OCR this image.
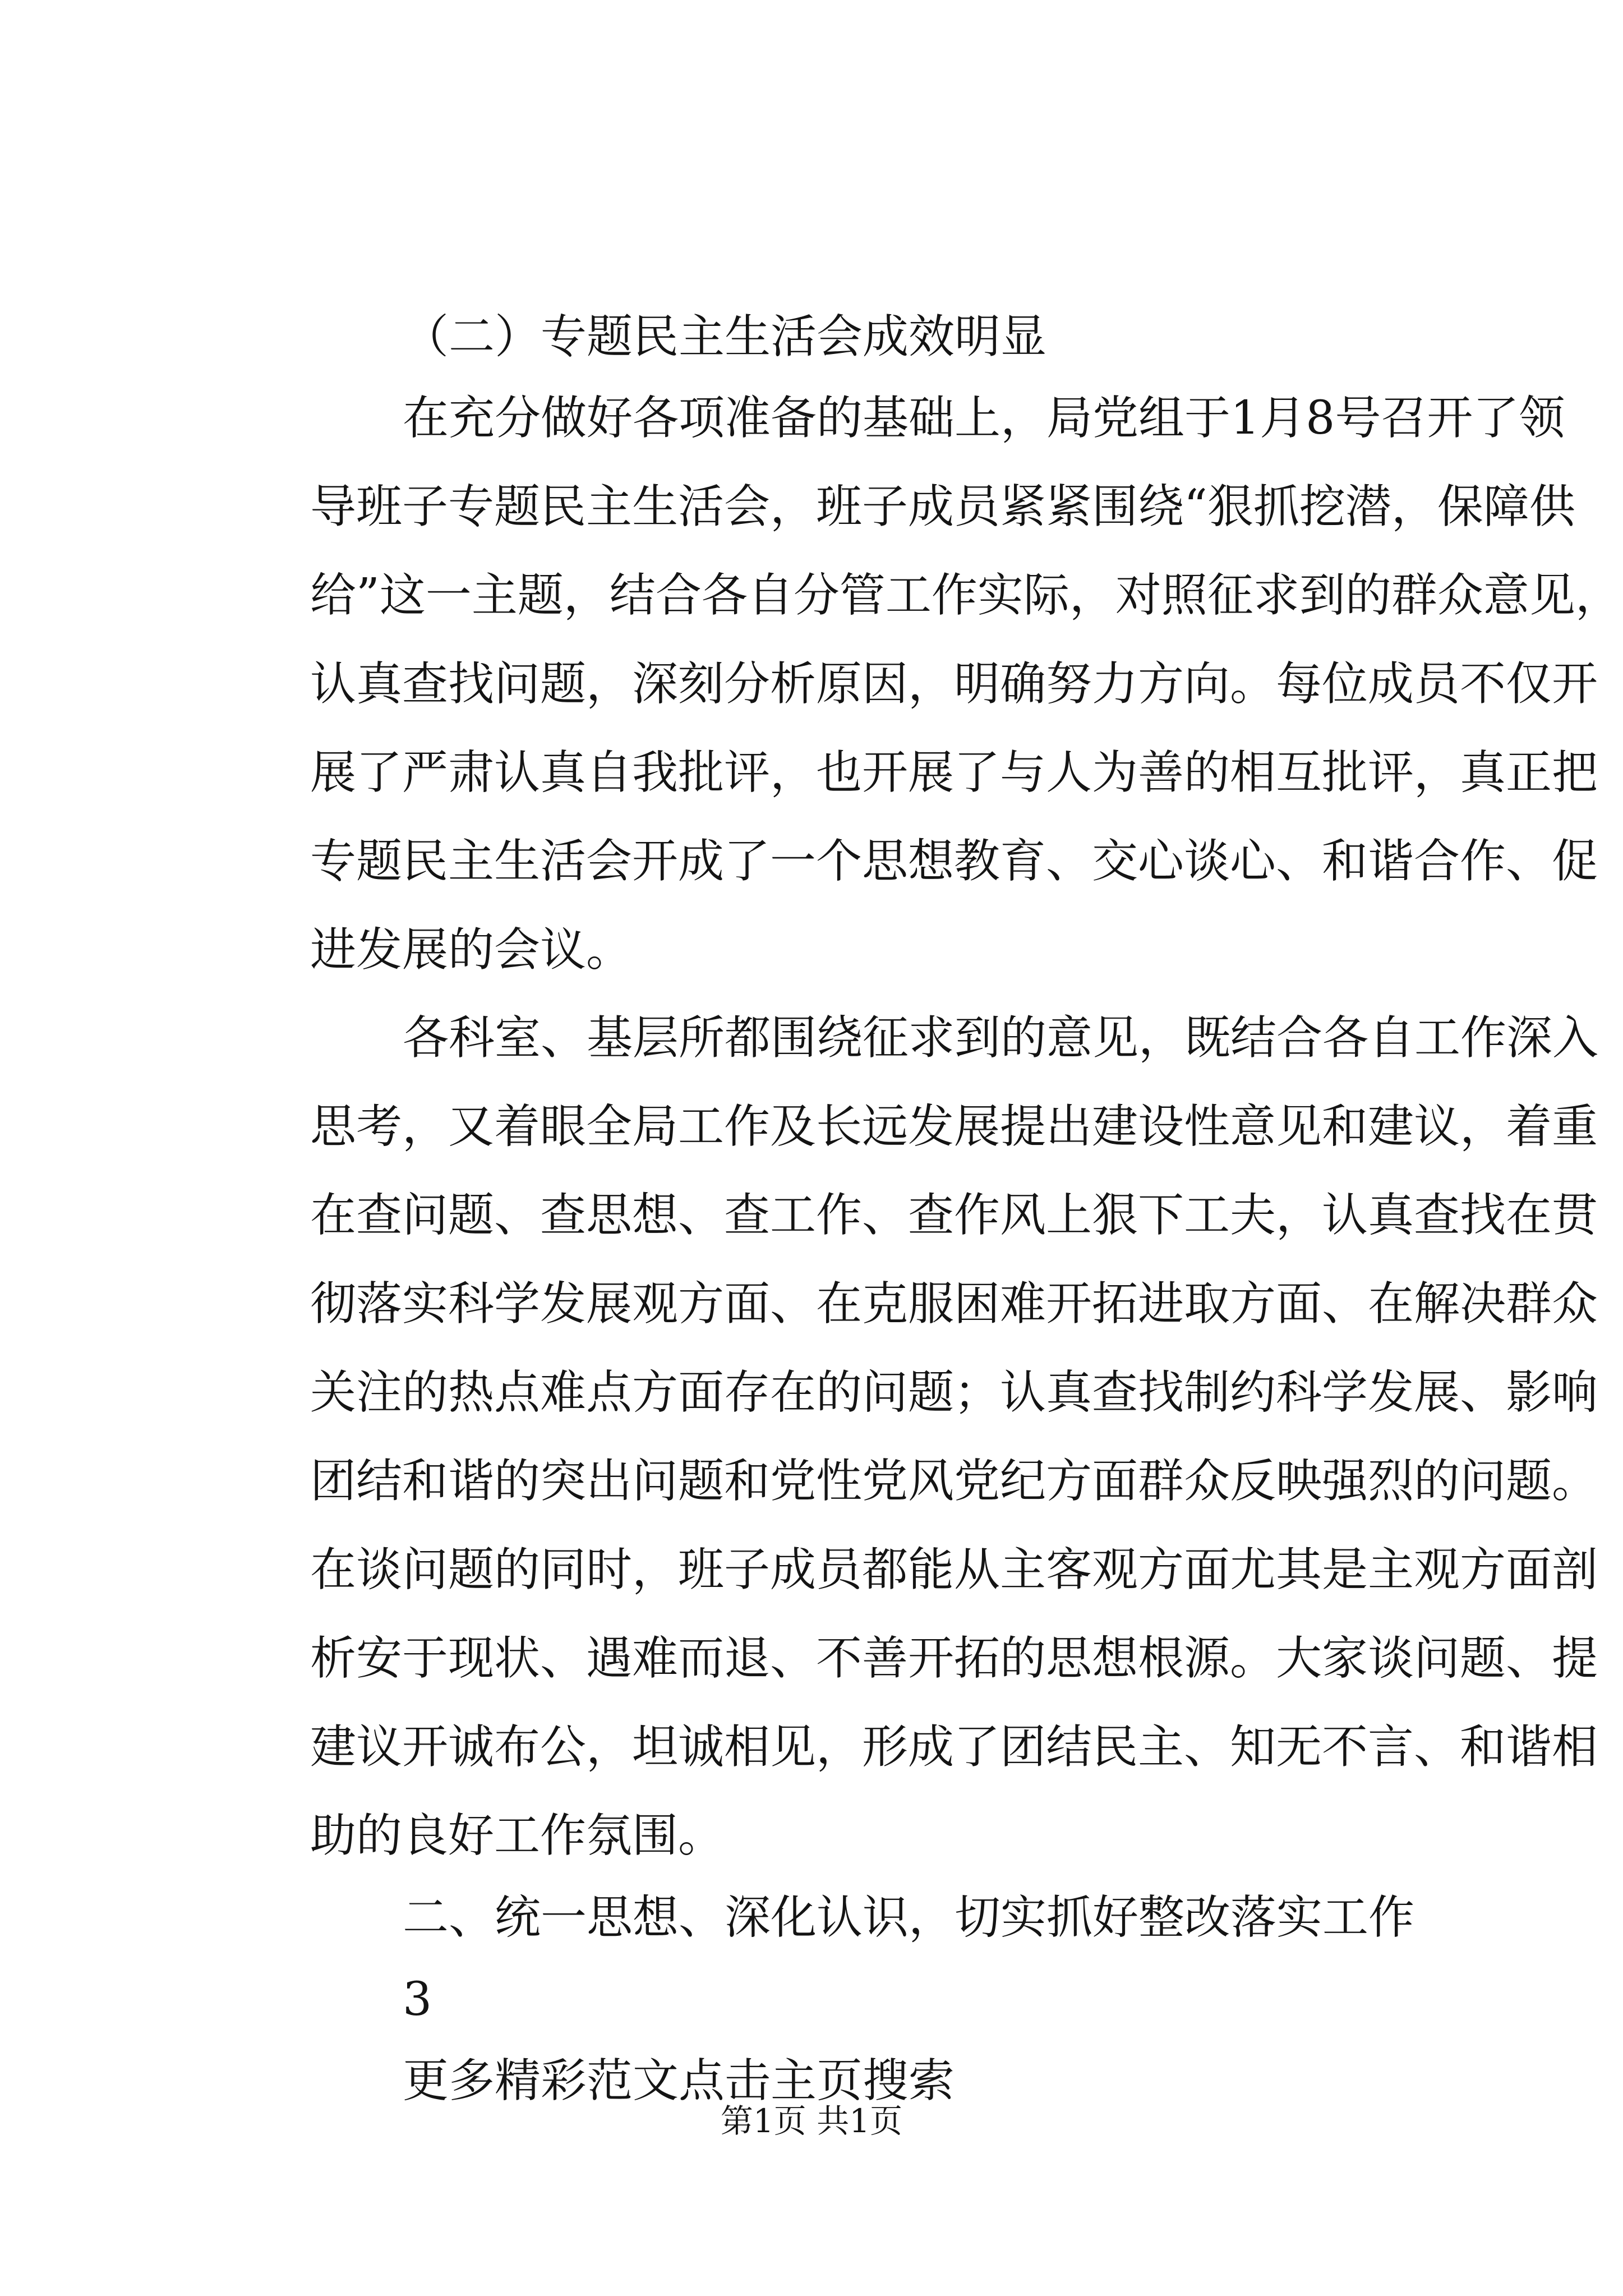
（二）专题民主生活会成效明显
在充分做好各项准备的基础上，局党组于1月8号召开了领
导班子专题民主生活会，班子成员紧紧围绕“狠抓挖潜，保障供
给”这一主题，结合各自分管工作实际，对照征求到的群众意见，
认真查找问题，深刻分析原因，明确努力方向。每位成员不仅开
展了严肃认真自我批评，也开展了与人为善的相互批评，真正把
专题民主生活会开成了一个思想教育、交心谈心、和谐合作、促
进发展的会议。
各科室、基层所都围绕征求到的意见，既结合各自工作深入
思考，又着眼全局工作及长远发展提出建设性意见和建议，着重
在查问题、查思想、查工作、查作风上狠下工夫，认真查找在贯
彻落实科学发展观方面、在克服困难开拓进取方面、在解决群众
关注的热点难点方面存在的问题；认真查找制约科学发展、影响
团结和谐的突出问题和党性党风党纪方面群众反映强烈的问题。
在谈问题的同时，班子成员都能从主客观方面尤其是主观方面剖
析安于现状、遇难而退、不善开拓的思想根源。大家谈问题、提
建议开诚布公，坦诚相见，形成了团结民主、知无不言、和谐相
助的良好工作氛围。
二、统一思想、深化认识，切实抓好整改落实工作
3
更多精彩范文点击主页搜索
第1页 共1页
